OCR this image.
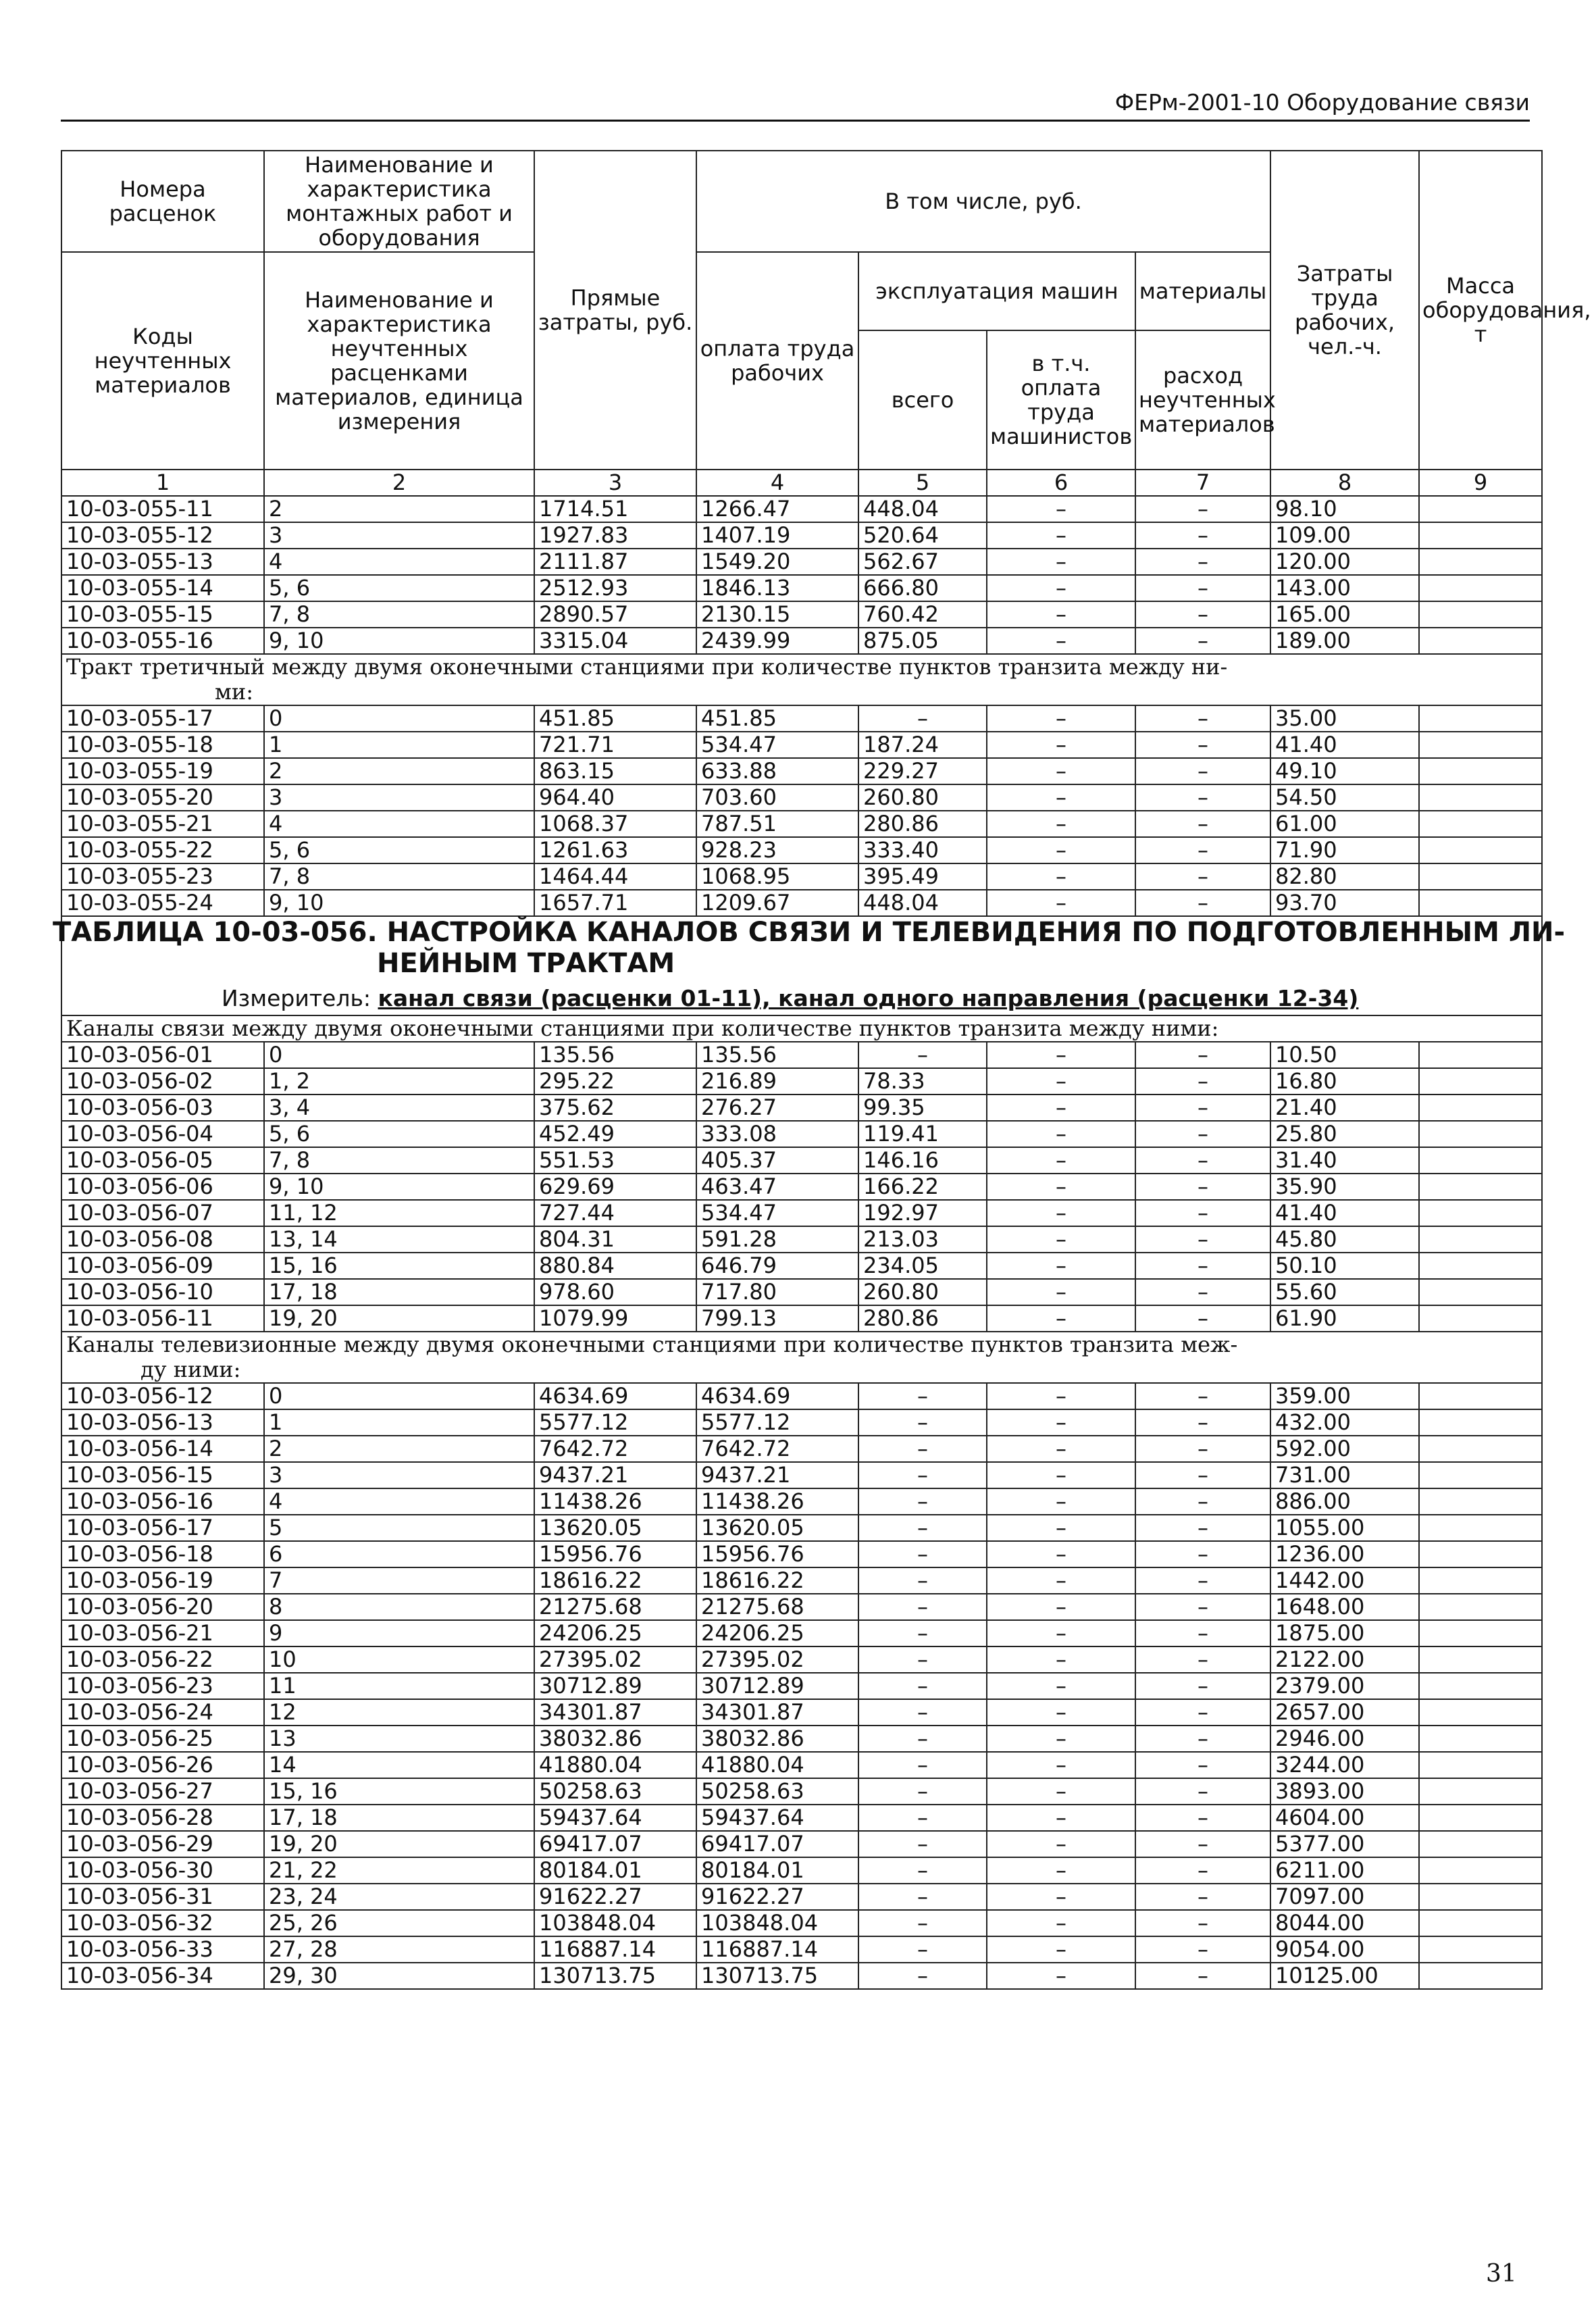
ФЕРм-2001-10 Оборудование связи
Номера расценок	Наименование и характеристика монтажных работ и оборудования	Прямые затраты, руб.	В том числе, руб.				Затраты труда рабочих, чел.-ч.	Масса оборудования, т
Коды неучтенных материалов	Наименование и характеристика неучтенных расценками материалов, единица измерения		оплата труда рабочих	эксплуатация машин		материалы		
				всего	в т.ч. оплата труда машинистов	расход неучтенных материалов		
1	2	3	4	5	6	7	8	9
10-03-055-11	2	1714.51	1266.47	448.04	–	–	98.10	
10-03-055-12	3	1927.83	1407.19	520.64	–	–	109.00	
10-03-055-13	4	2111.87	1549.20	562.67	–	–	120.00	
10-03-055-14	5, 6	2512.93	1846.13	666.80	–	–	143.00	
10-03-055-15	7, 8	2890.57	2130.15	760.42	–	–	165.00	
10-03-055-16	9, 10	3315.04	2439.99	875.05	–	–	189.00	

Тракт третичный между двумя оконечными станциями при количестве пунктов транзита между ни-
ми:								

10-03-055-17	0	451.85	451.85	–	–	–	35.00	
10-03-055-18	1	721.71	534.47	187.24	–	–	41.40	
10-03-055-19	2	863.15	633.88	229.27	–	–	49.10	
10-03-055-20	3	964.40	703.60	260.80	–	–	54.50	
10-03-055-21	4	1068.37	787.51	280.86	–	–	61.00	
10-03-055-22	5, 6	1261.63	928.23	333.40	–	–	71.90	
10-03-055-23	7, 8	1464.44	1068.95	395.49	–	–	82.80	
10-03-055-24	9, 10	1657.71	1209.67	448.04	–	–	93.70	

ТАБЛИЦА 10-03-056. НАСТРОЙКА КАНАЛОВ СВЯЗИ И ТЕЛЕВИДЕНИЯ ПО ПОДГОТОВЛЕННЫМ ЛИ-
НЕЙНЫМ ТРАКТАМ
Измеритель: канал связи (расценки 01-11), канал одного направления (расценки 12-34)								

Каналы связи между двумя оконечными станциями при количестве пунктов транзита между ними:								

10-03-056-01	0	135.56	135.56	–	–	–	10.50	
10-03-056-02	1, 2	295.22	216.89	78.33	–	–	16.80	
10-03-056-03	3, 4	375.62	276.27	99.35	–	–	21.40	
10-03-056-04	5, 6	452.49	333.08	119.41	–	–	25.80	
10-03-056-05	7, 8	551.53	405.37	146.16	–	–	31.40	
10-03-056-06	9, 10	629.69	463.47	166.22	–	–	35.90	
10-03-056-07	11, 12	727.44	534.47	192.97	–	–	41.40	
10-03-056-08	13, 14	804.31	591.28	213.03	–	–	45.80	
10-03-056-09	15, 16	880.84	646.79	234.05	–	–	50.10	
10-03-056-10	17, 18	978.60	717.80	260.80	–	–	55.60	
10-03-056-11	19, 20	1079.99	799.13	280.86	–	–	61.90	

Каналы телевизионные между двумя оконечными станциями при количестве пунктов транзита меж-
ду ними:								

10-03-056-12	0	4634.69	4634.69	–	–	–	359.00	
10-03-056-13	1	5577.12	5577.12	–	–	–	432.00	
10-03-056-14	2	7642.72	7642.72	–	–	–	592.00	
10-03-056-15	3	9437.21	9437.21	–	–	–	731.00	
10-03-056-16	4	11438.26	11438.26	–	–	–	886.00	
10-03-056-17	5	13620.05	13620.05	–	–	–	1055.00	
10-03-056-18	6	15956.76	15956.76	–	–	–	1236.00	
10-03-056-19	7	18616.22	18616.22	–	–	–	1442.00	
10-03-056-20	8	21275.68	21275.68	–	–	–	1648.00	
10-03-056-21	9	24206.25	24206.25	–	–	–	1875.00	
10-03-056-22	10	27395.02	27395.02	–	–	–	2122.00	
10-03-056-23	11	30712.89	30712.89	–	–	–	2379.00	
10-03-056-24	12	34301.87	34301.87	–	–	–	2657.00	
10-03-056-25	13	38032.86	38032.86	–	–	–	2946.00	
10-03-056-26	14	41880.04	41880.04	–	–	–	3244.00	
10-03-056-27	15, 16	50258.63	50258.63	–	–	–	3893.00	
10-03-056-28	17, 18	59437.64	59437.64	–	–	–	4604.00	
10-03-056-29	19, 20	69417.07	69417.07	–	–	–	5377.00	
10-03-056-30	21, 22	80184.01	80184.01	–	–	–	6211.00	
10-03-056-31	23, 24	91622.27	91622.27	–	–	–	7097.00	
10-03-056-32	25, 26	103848.04	103848.04	–	–	–	8044.00	
10-03-056-33	27, 28	116887.14	116887.14	–	–	–	9054.00	
10-03-056-34	29, 30	130713.75	130713.75	–	–	–	10125.00	
31
